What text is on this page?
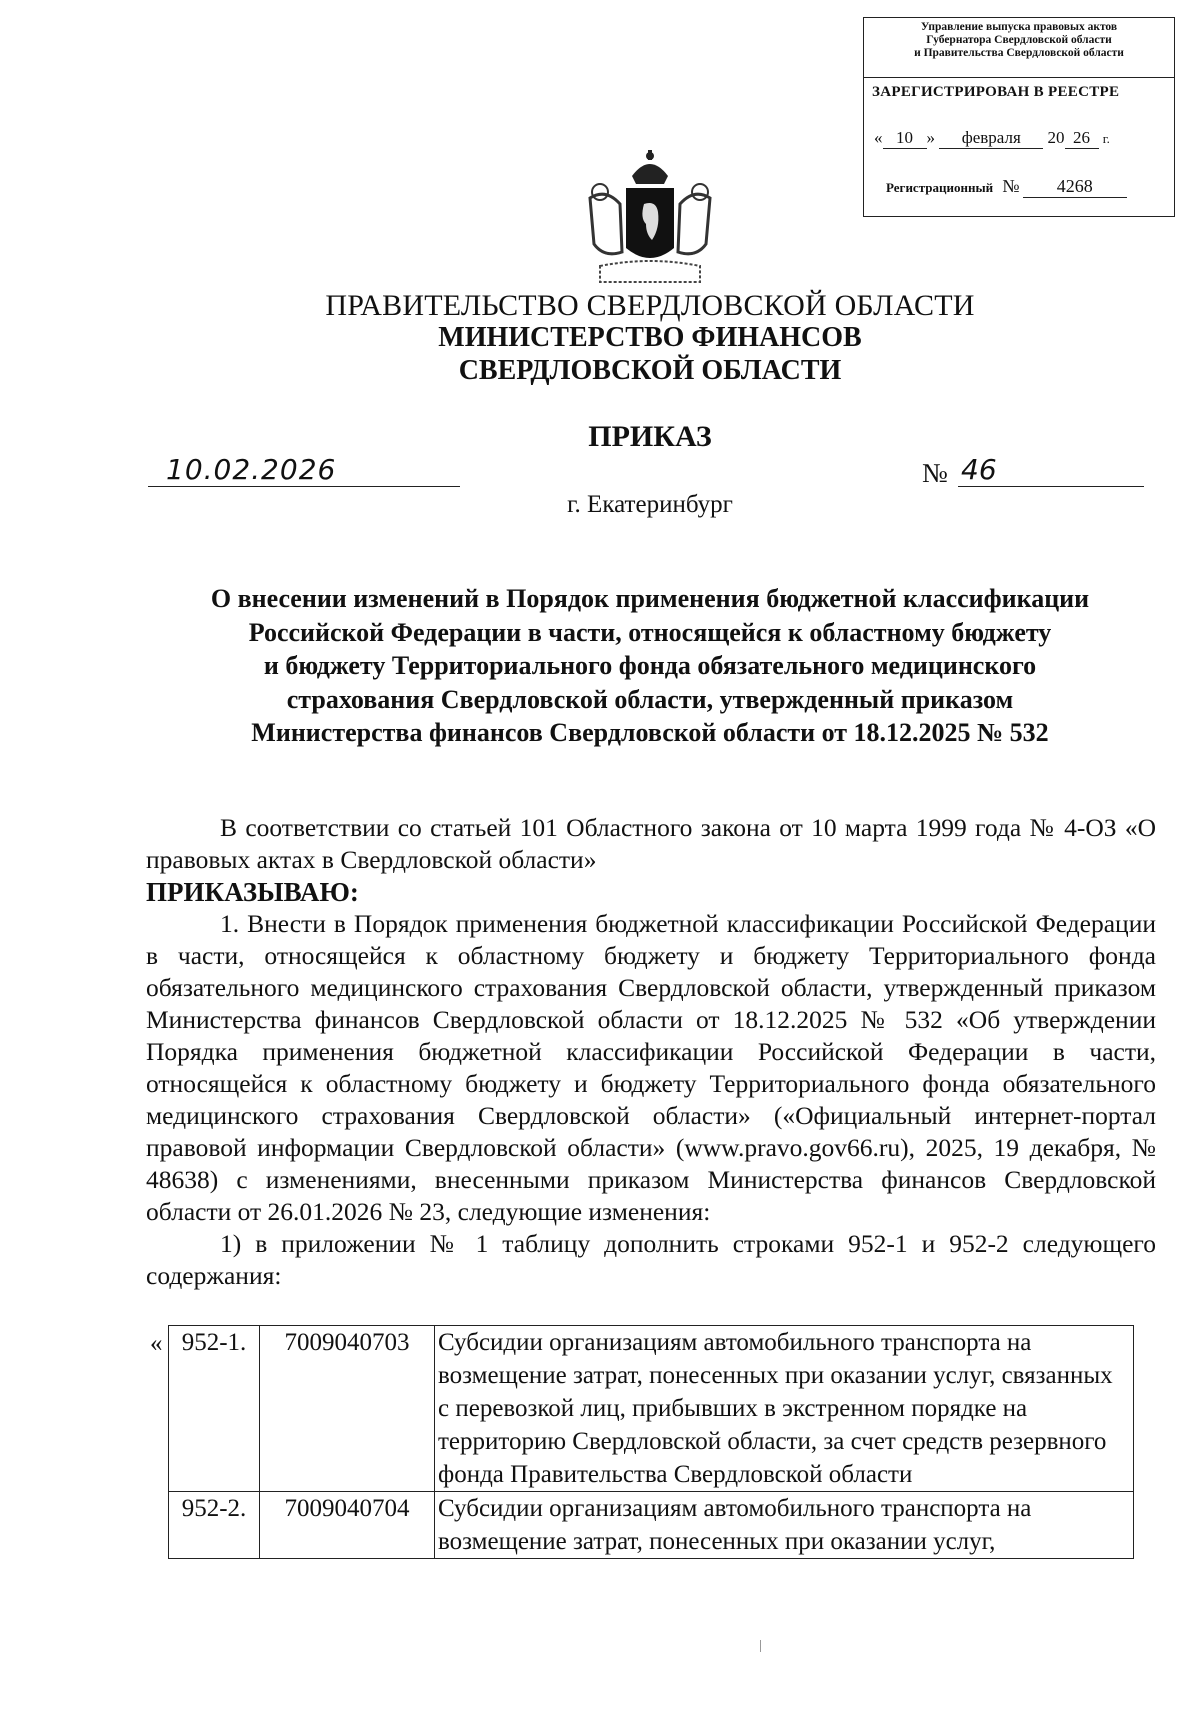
Управление выпуска правовых актов
Губернатора Свердловской области
и Правительства Свердловской области
ЗАРЕГИСТРИРОВАН В РЕЕСТРЕ
« 10 » февраля 20 26 г.
Регистрационный № 4268
ПРАВИТЕЛЬСТВО СВЕРДЛОВСКОЙ ОБЛАСТИ
МИНИСТЕРСТВО ФИНАНСОВ
СВЕРДЛОВСКОЙ ОБЛАСТИ
ПРИКАЗ
10.02.2026	№ 46
г. Екатеринбург
О внесении изменений в Порядок применения бюджетной классификации
Российской Федерации в части, относящейся к областному бюджету
и бюджету Территориального фонда обязательного медицинского
страхования Свердловской области, утвержденный приказом
Министерства финансов Свердловской области от 18.12.2025 № 532

В соответствии со статьей 101 Областного закона от 10 марта 1999 года № 4-ОЗ «О правовых актах в Свердловской области»

ПРИКАЗЫВАЮ:

1. Внести в Порядок применения бюджетной классификации Российской Федерации в части, относящейся к областному бюджету и бюджету Территориального фонда обязательного медицинского страхования Свердловской области, утвержденный приказом Министерства финансов Свердловской области от 18.12.2025 № 532 «Об утверждении Порядка применения бюджетной классификации Российской Федерации в части, относящейся к областному бюджету и бюджету Территориального фонда обязательного медицинского страхования Свердловской области» («Официальный интернет-портал правовой информации Свердловской области» (www.pravo.gov66.ru), 2025, 19 декабря, № 48638) с изменениями, внесенными приказом Министерства финансов Свердловской области от 26.01.2026 № 23, следующие изменения:

1) в приложении № 1 таблицу дополнить строками 952-1 и 952-2 следующего содержания:

« 952-1.	7009040703	Субсидии организациям автомобильного транспорта на возмещение затрат, понесенных при оказании услуг, связанных с перевозкой лиц, прибывших в экстренном порядке на территорию Свердловской области, за счет средств резервного фонда Правительства Свердловской области
952-2.	7009040704	Субсидии организациям автомобильного транспорта на возмещение затрат, понесенных при оказании услуг,
